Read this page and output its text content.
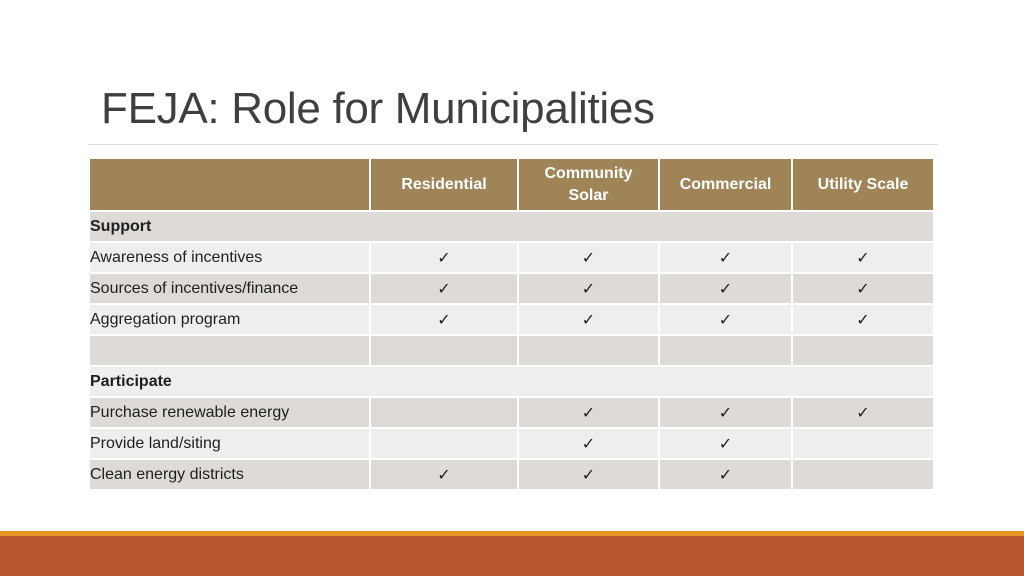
FEJA: Role for Municipalities
	Residential	Community Solar	Commercial	Utility Scale
Support				
Awareness of incentives	✓	✓	✓	✓
Sources of incentives/finance	✓	✓	✓	✓
Aggregation program	✓	✓	✓	✓

Participate				
Purchase renewable energy		✓	✓	✓
Provide land/siting		✓	✓	
Clean energy districts	✓	✓	✓	
